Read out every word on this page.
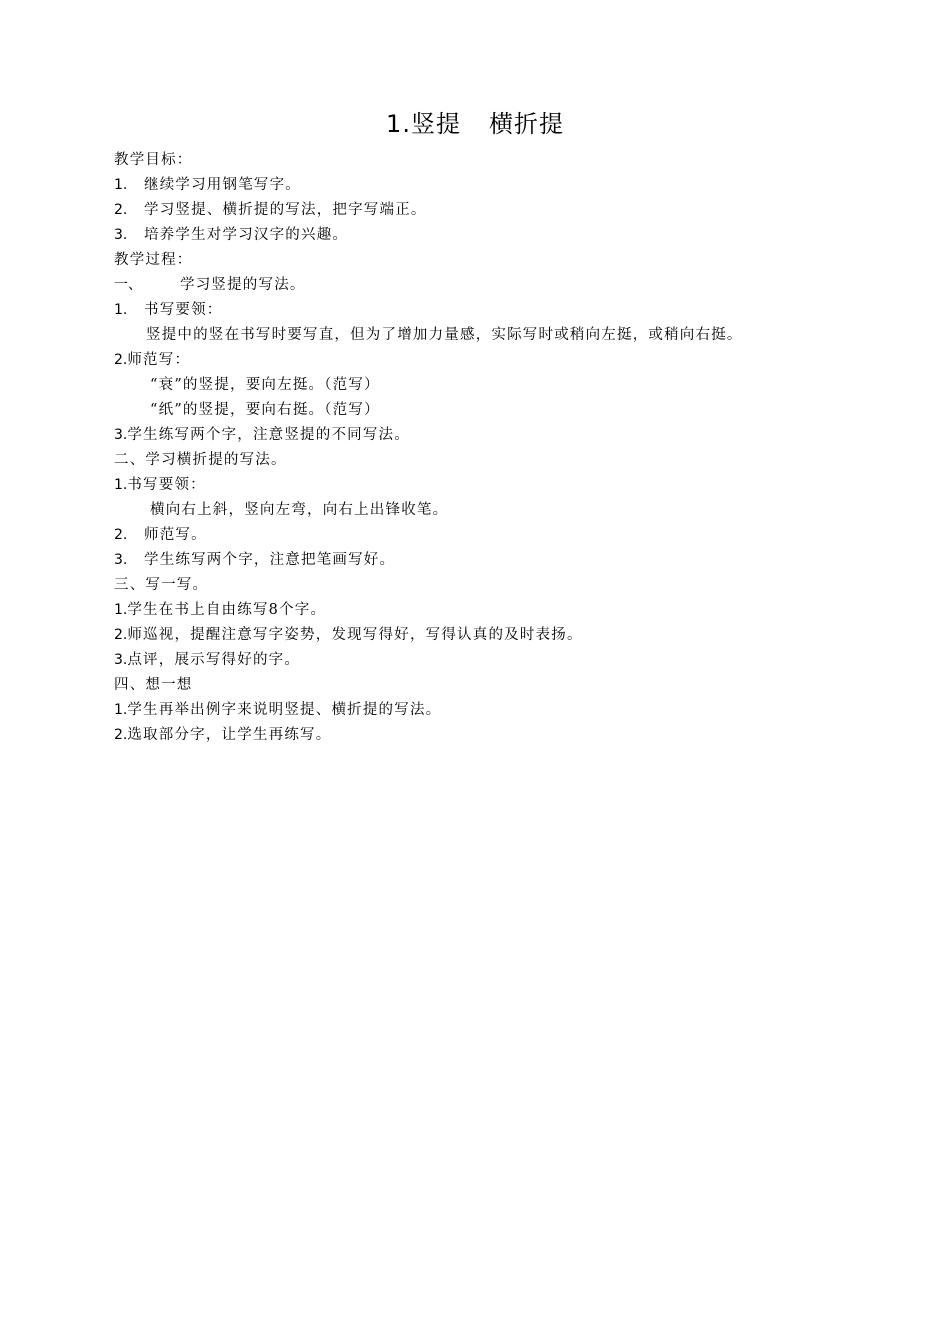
1.竖提 横折提
教学目标：
1. 继续学习用钢笔写字。
2. 学习竖提、横折提的写法，把字写端正。
3. 培养学生对学习汉字的兴趣。
教学过程：
一、	学习竖提的写法。
1. 书写要领：
竖提中的竖在书写时要写直，但为了增加力量感，实际写时或稍向左挺，或稍向右挺。
2.师范写：
“衰”的竖提，要向左挺。（范写）
“纸”的竖提，要向右挺。（范写）
3.学生练写两个字，注意竖提的不同写法。
二、学习横折提的写法。
1.书写要领：
横向右上斜，竖向左弯，向右上出锋收笔。
2. 师范写。
3. 学生练写两个字，注意把笔画写好。
三、写一写。
1.学生在书上自由练写8个字。
2.师巡视，提醒注意写字姿势，发现写得好，写得认真的及时表扬。
3.点评，展示写得好的字。
四、想一想
1.学生再举出例字来说明竖提、横折提的写法。
2.选取部分字，让学生再练写。
